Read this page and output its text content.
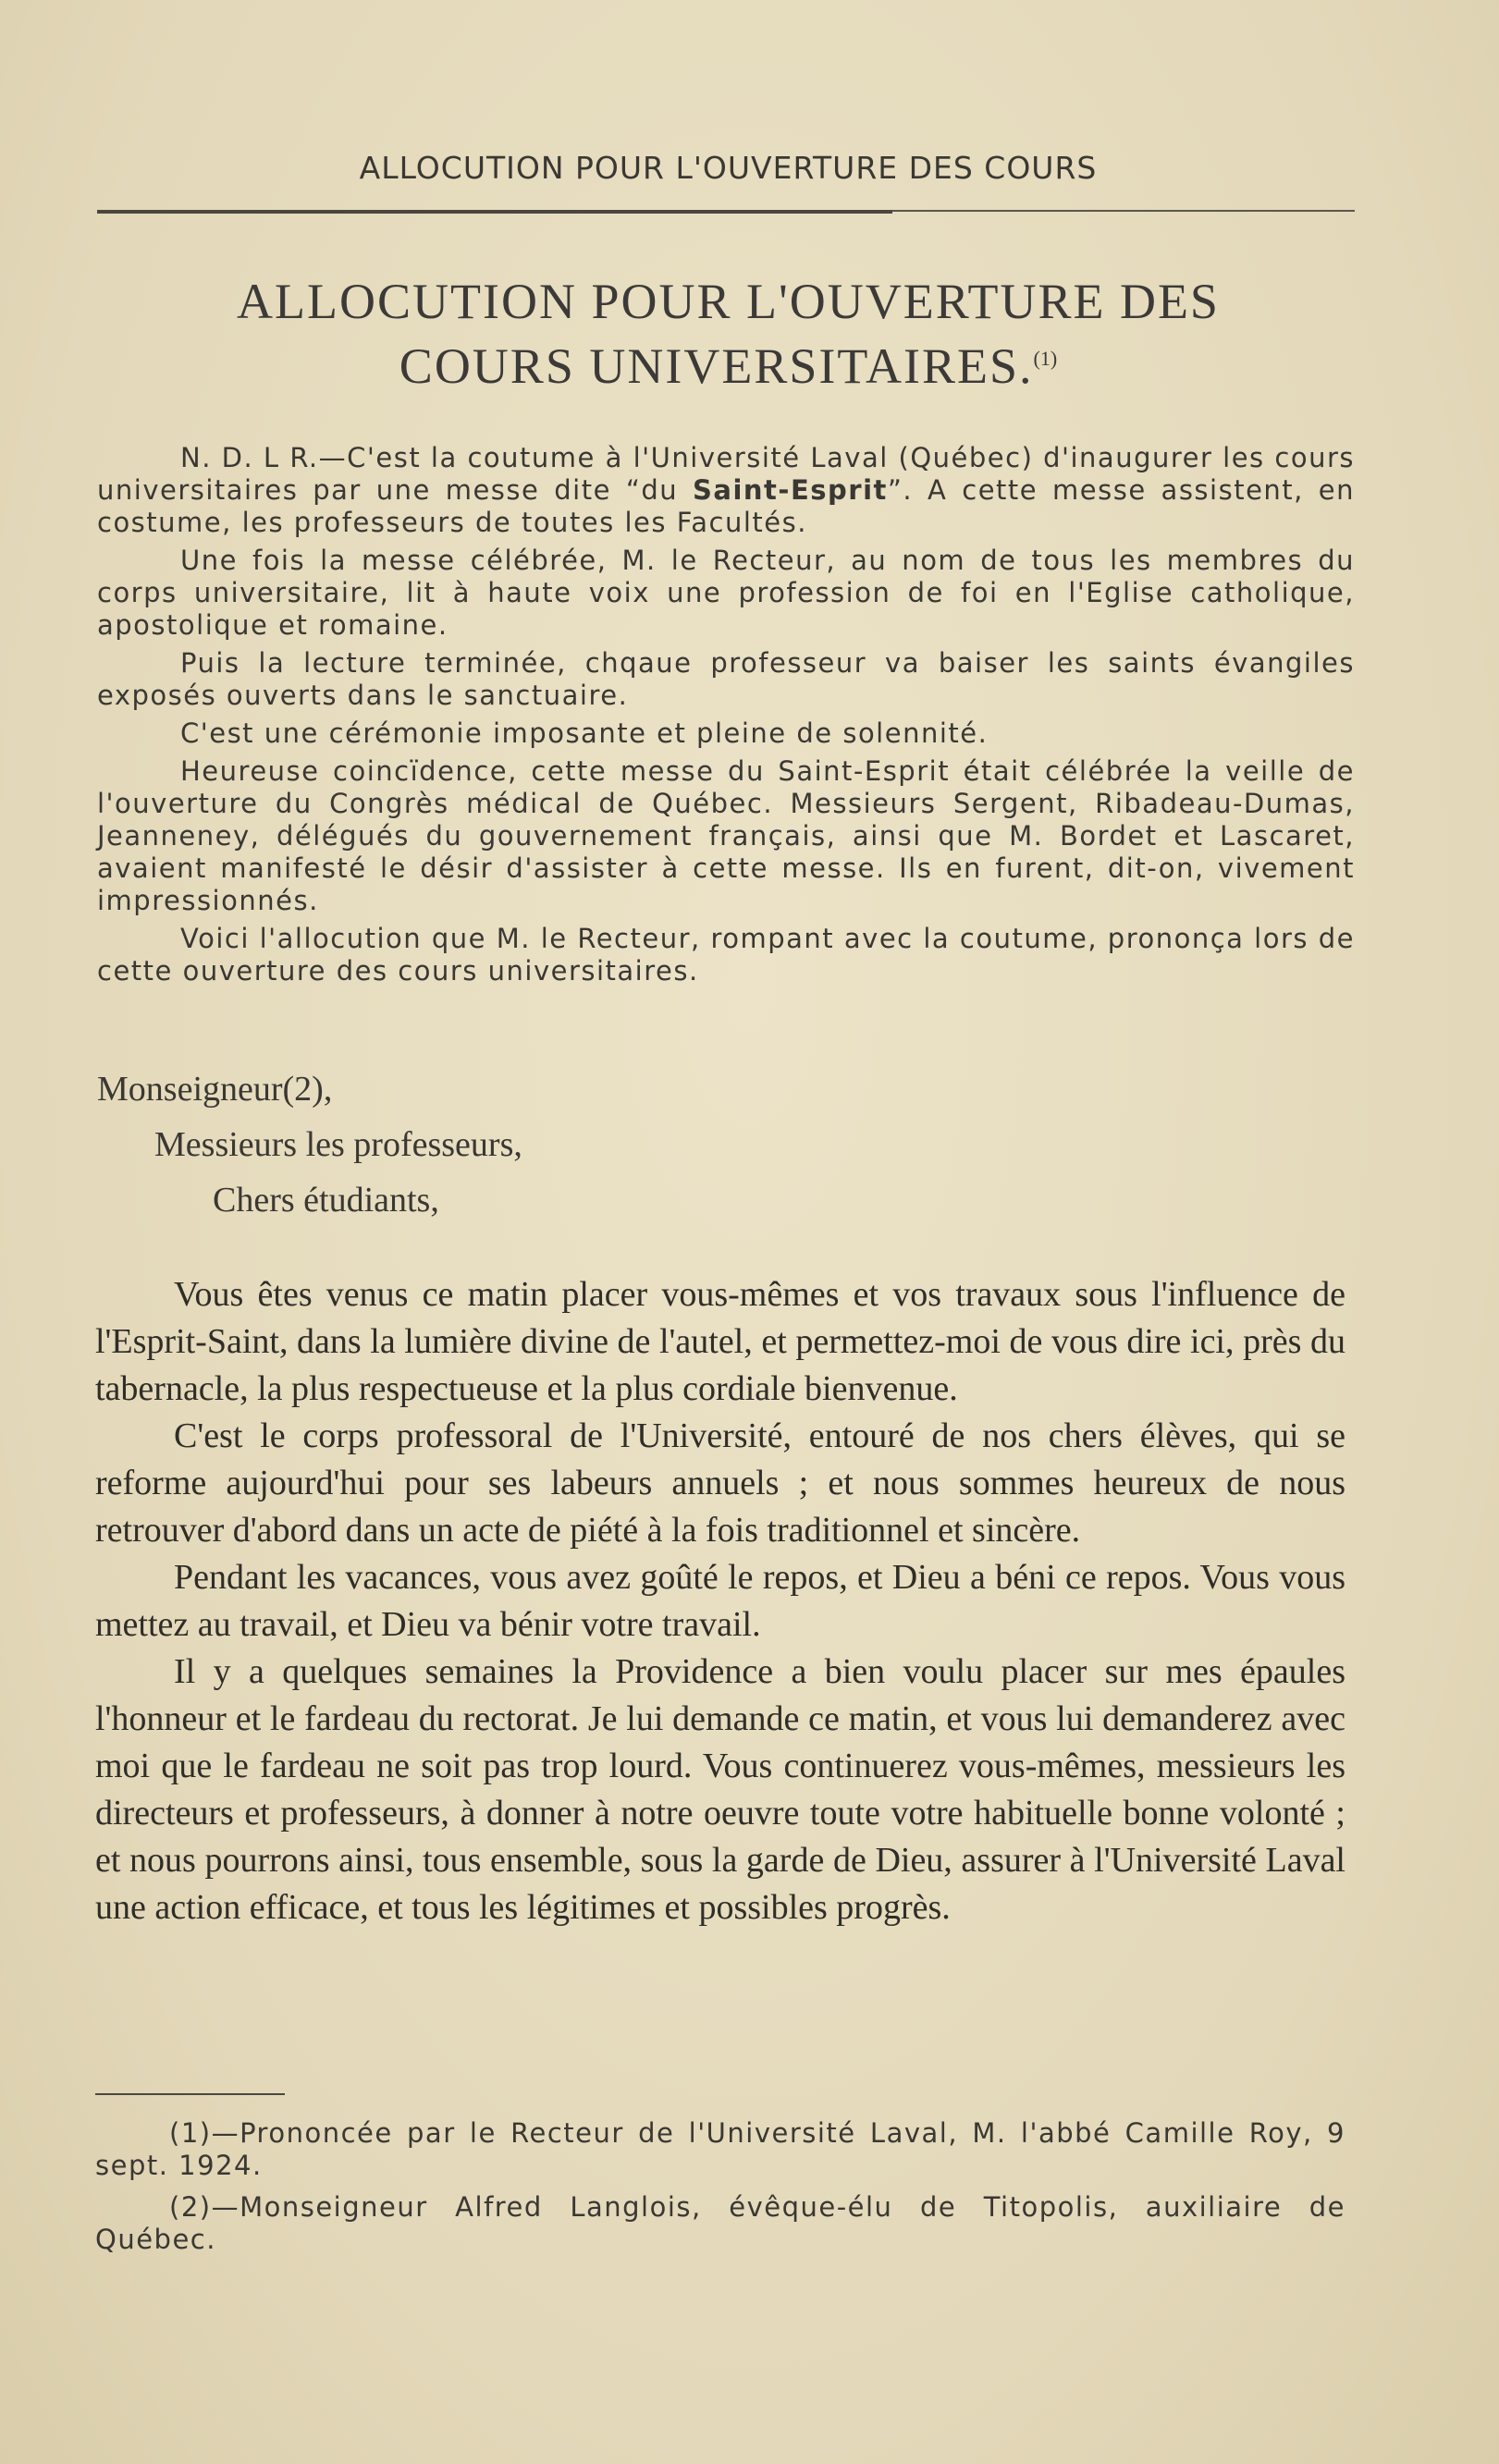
ALLOCUTION POUR L'OUVERTURE DES COURS
ALLOCUTION POUR L'OUVERTURE DES
COURS UNIVERSITAIRES.$^{(1)}$

N. D. L R.—C'est la coutume à l'Université Laval (Québec) d'inaugurer les cours universitaires par une messe dite “du Saint-Esprit”. A cette messe assistent, en costume, les professeurs de toutes les Facultés.

Une fois la messe célébrée, M. le Recteur, au nom de tous les membres du corps universitaire, lit à haute voix une profession de foi en l'Eglise catholique, apostolique et romaine.

Puis la lecture terminée, chqaue professeur va baiser les saints évangiles exposés ouverts dans le sanctuaire.

C'est une cérémonie imposante et pleine de solennité.

Heureuse coincïdence, cette messe du Saint-Esprit était célébrée la veille de l'ouverture du Congrès médical de Québec. Messieurs Sergent, Ribadeau-Dumas, Jeanneney, délégués du gouvernement français, ainsi que M. Bordet et Lascaret, avaient manifesté le désir d'assister à cette messe. Ils en furent, dit-on, vivement impressionnés.

Voici l'allocution que M. le Recteur, rompant avec la coutume, prononça lors de cette ouverture des cours universitaires.

Monseigneur(2),
Messieurs les professeurs,
Chers étudiants,

Vous êtes venus ce matin placer vous-mêmes et vos travaux sous l'influence de l'Esprit-Saint, dans la lumière divine de l'autel, et permettez-moi de vous dire ici, près du tabernacle, la plus respectueuse et la plus cordiale bienvenue.

C'est le corps professoral de l'Université, entouré de nos chers élèves, qui se reforme aujourd'hui pour ses labeurs annuels ; et nous sommes heureux de nous retrouver d'abord dans un acte de piété à la fois traditionnel et sincère.

Pendant les vacances, vous avez goûté le repos, et Dieu a béni ce repos. Vous vous mettez au travail, et Dieu va bénir votre travail.

Il y a quelques semaines la Providence a bien voulu placer sur mes épaules l'honneur et le fardeau du rectorat. Je lui demande ce matin, et vous lui demanderez avec moi que le fardeau ne soit pas trop lourd. Vous continuerez vous-mêmes, messieurs les directeurs et professeurs, à donner à notre oeuvre toute votre habituelle bonne volonté ; et nous pourrons ainsi, tous ensemble, sous la garde de Dieu, assurer à l'Université Laval une action efficace, et tous les légitimes et possibles progrès.

(1)—Prononcée par le Recteur de l'Université Laval, M. l'abbé Camille Roy, 9 sept. 1924.

(2)—Monseigneur Alfred Langlois, évêque-élu de Titopolis, auxiliaire de Québec.
